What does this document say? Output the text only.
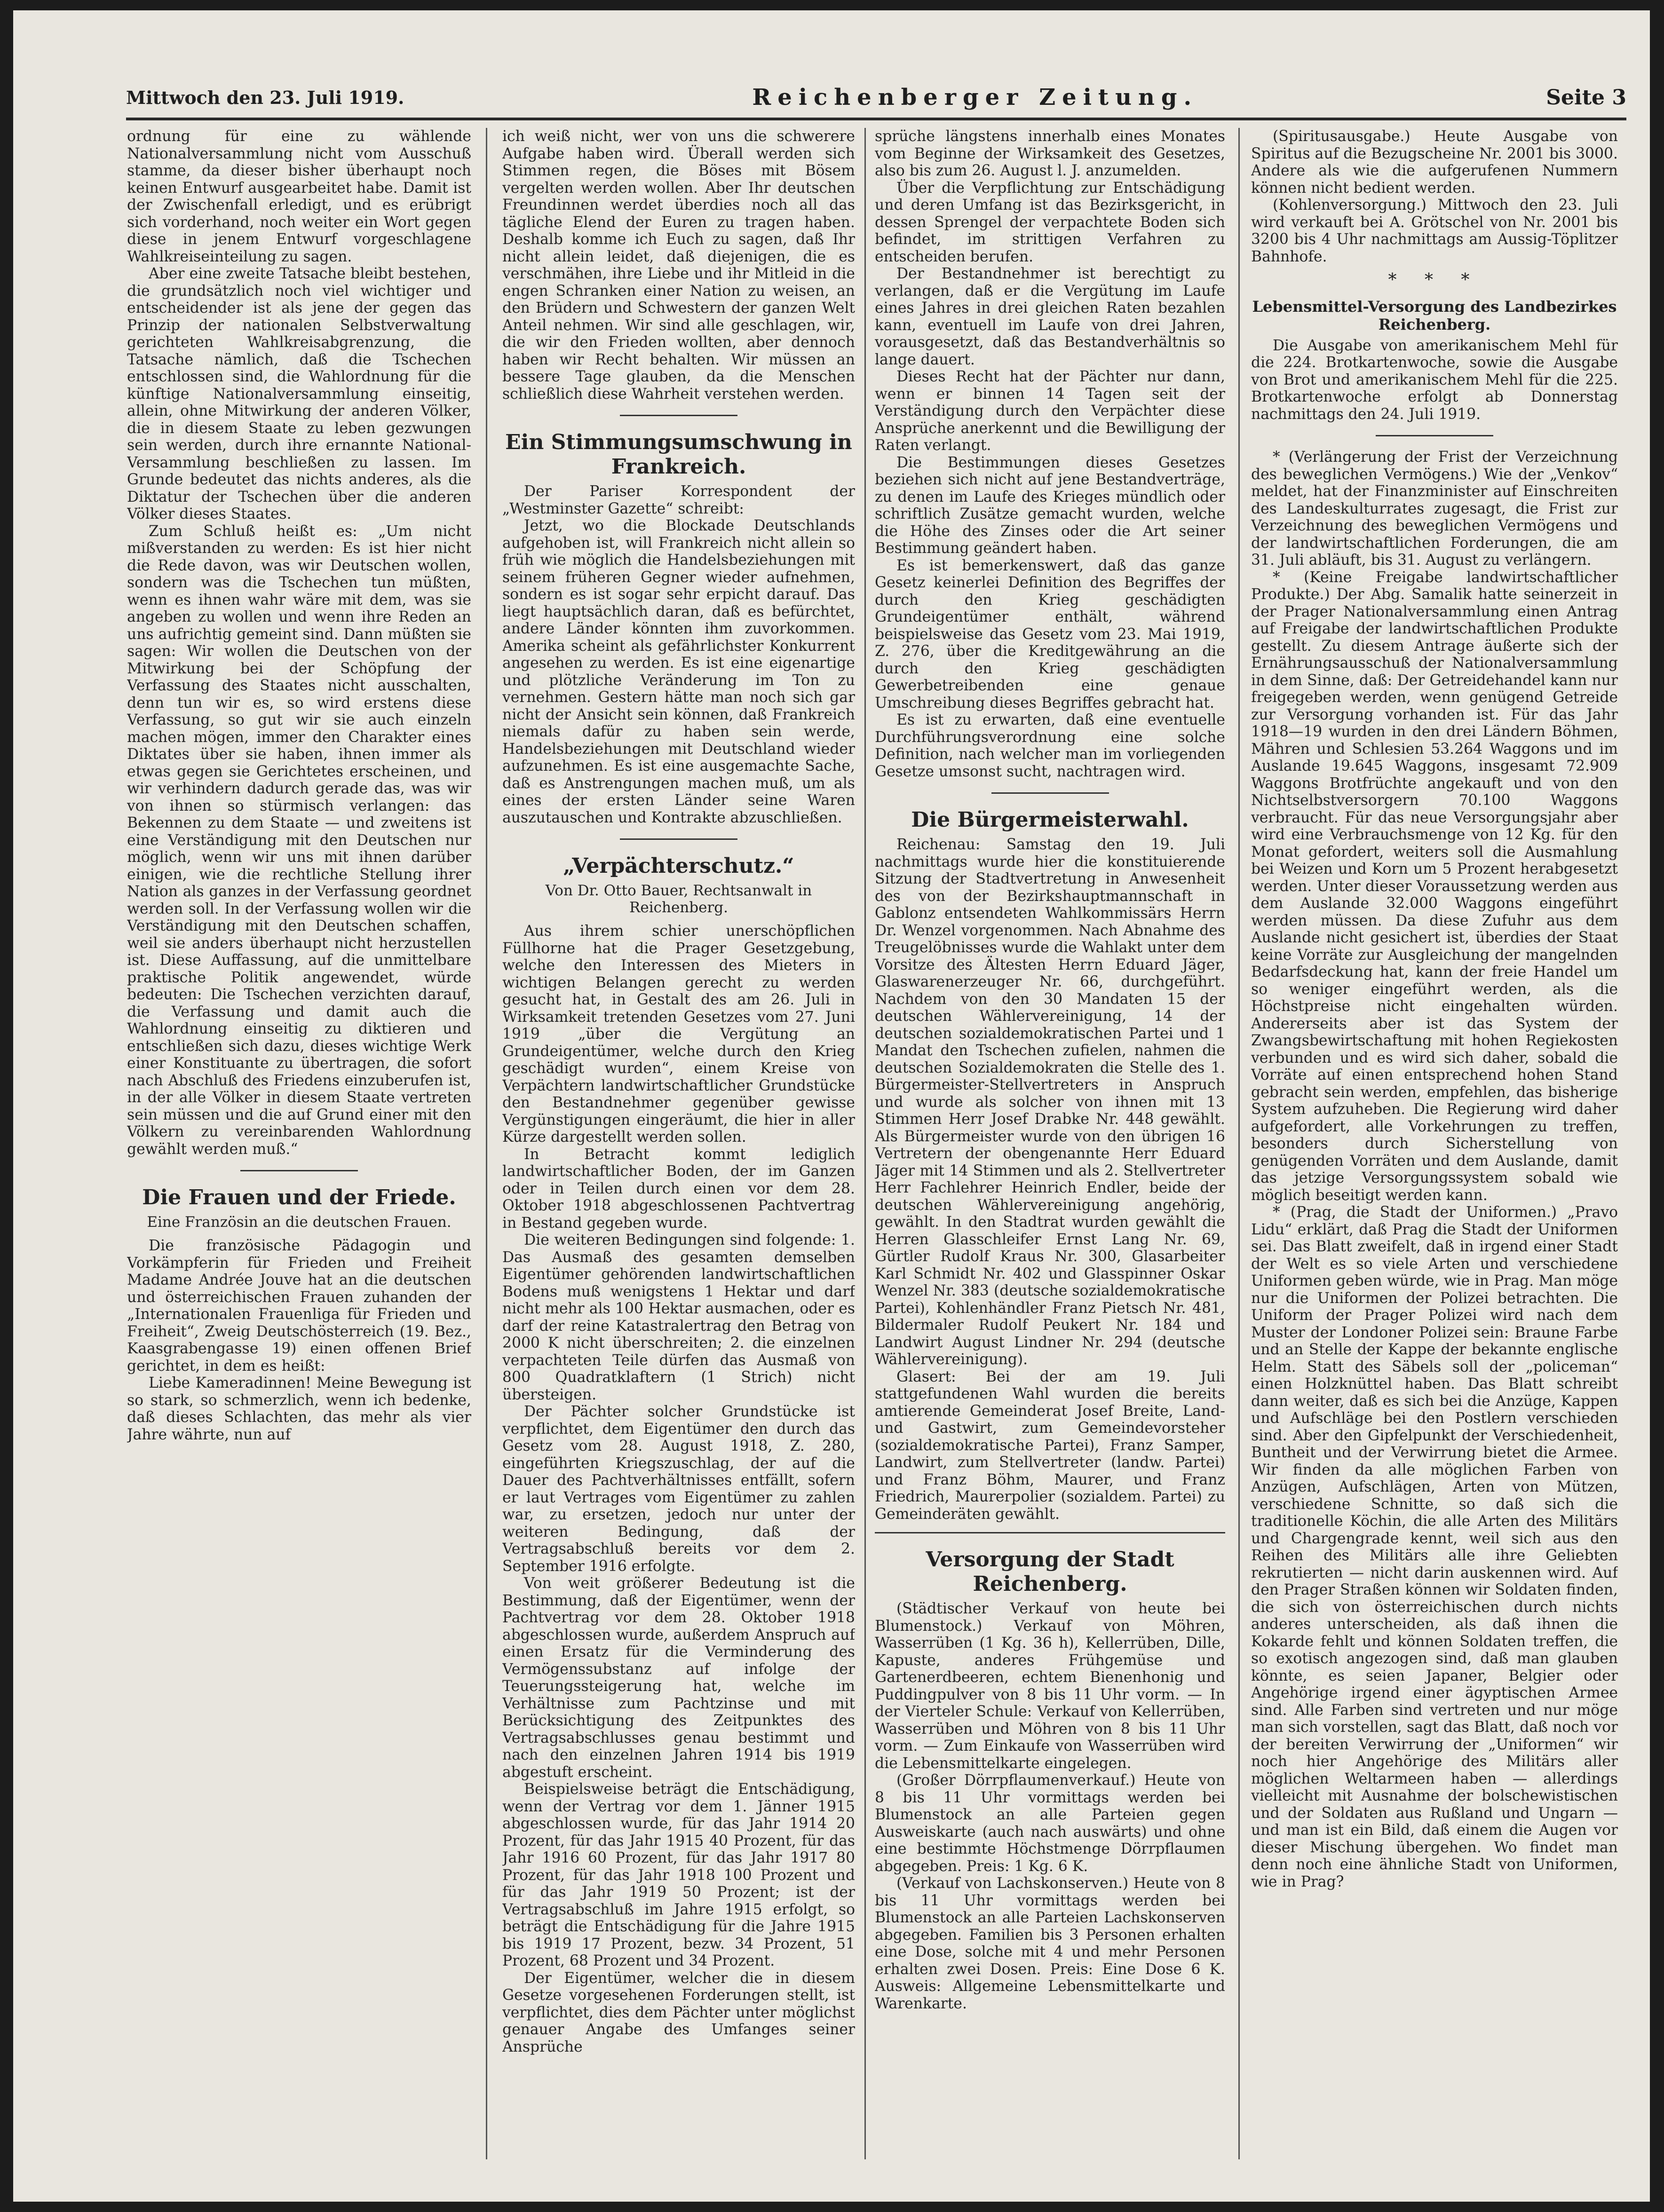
Mittwoch den 23. Juli 1919.	Reichenberger Zeitung.	Seite 3

ordnung für eine zu wählende Nationalversammlung nicht vom Ausschuß stamme, da dieser bisher überhaupt noch keinen Entwurf ausgearbeitet habe. Damit ist der Zwischenfall erledigt, und es erübrigt sich vorderhand, noch weiter ein Wort gegen diese in jenem Entwurf vorgeschlagene Wahlkreiseinteilung zu sagen.

Aber eine zweite Tatsache bleibt bestehen, die grundsätzlich noch viel wichtiger und entscheidender ist als jene der gegen das Prinzip der nationalen Selbstverwaltung gerichteten Wahlkreisabgrenzung, die Tatsache nämlich, daß die Tschechen entschlossen sind, die Wahlordnung für die künftige Nationalversammlung einseitig, allein, ohne Mitwirkung der anderen Völker, die in diesem Staate zu leben gezwungen sein werden, durch ihre ernannte National-Versammlung beschließen zu lassen. Im Grunde bedeutet das nichts anderes, als die Diktatur der Tschechen über die anderen Völker dieses Staates.

Zum Schluß heißt es: „Um nicht mißverstanden zu werden: Es ist hier nicht die Rede davon, was wir Deutschen wollen, sondern was die Tschechen tun müßten, wenn es ihnen wahr wäre mit dem, was sie angeben zu wollen und wenn ihre Reden an uns aufrichtig gemeint sind. Dann müßten sie sagen: Wir wollen die Deutschen von der Mitwirkung bei der Schöpfung der Verfassung des Staates nicht ausschalten, denn tun wir es, so wird erstens diese Verfassung, so gut wir sie auch einzeln machen mögen, immer den Charakter eines Diktates über sie haben, ihnen immer als etwas gegen sie Gerichtetes erscheinen, und wir verhindern dadurch gerade das, was wir von ihnen so stürmisch verlangen: das Bekennen zu dem Staate — und zweitens ist eine Verständigung mit den Deutschen nur möglich, wenn wir uns mit ihnen darüber einigen, wie die rechtliche Stellung ihrer Nation als ganzes in der Verfassung geordnet werden soll. In der Verfassung wollen wir die Verständigung mit den Deutschen schaffen, weil sie anders überhaupt nicht herzustellen ist. Diese Auffassung, auf die unmittelbare praktische Politik angewendet, würde bedeuten: Die Tschechen verzichten darauf, die Verfassung und damit auch die Wahlordnung einseitig zu diktieren und entschließen sich dazu, dieses wichtige Werk einer Konstituante zu übertragen, die sofort nach Abschluß des Friedens einzuberufen ist, in der alle Völker in diesem Staate vertreten sein müssen und die auf Grund einer mit den Völkern zu vereinbarenden Wahlordnung gewählt werden muß.“

Die Frauen und der Friede.
Eine Französin an die deutschen Frauen.

Die französische Pädagogin und Vorkämpferin für Frieden und Freiheit Madame Andrée Jouve hat an die deutschen und österreichischen Frauen zuhanden der „Internationalen Frauenliga für Frieden und Freiheit“, Zweig Deutschösterreich (19. Bez., Kaasgrabengasse 19) einen offenen Brief gerichtet, in dem es heißt:

Liebe Kameradinnen! Meine Bewegung ist so stark, so schmerzlich, wenn ich bedenke, daß dieses Schlachten, das mehr als vier Jahre währte, nun auf

ich weiß nicht, wer von uns die schwerere Aufgabe haben wird. Überall werden sich Stimmen regen, die Böses mit Bösem vergelten werden wollen. Aber Ihr deutschen Freundinnen werdet überdies noch all das tägliche Elend der Euren zu tragen haben. Deshalb komme ich Euch zu sagen, daß Ihr nicht allein leidet, daß diejenigen, die es verschmähen, ihre Liebe und ihr Mitleid in die engen Schranken einer Nation zu weisen, an den Brüdern und Schwestern der ganzen Welt Anteil nehmen. Wir sind alle geschlagen, wir, die wir den Frieden wollten, aber dennoch haben wir Recht behalten. Wir müssen an bessere Tage glauben, da die Menschen schließlich diese Wahrheit verstehen werden.

Ein Stimmungsumschwung in Frankreich.

Der Pariser Korrespondent der „Westminster Gazette“ schreibt:

Jetzt, wo die Blockade Deutschlands aufgehoben ist, will Frankreich nicht allein so früh wie möglich die Handelsbeziehungen mit seinem früheren Gegner wieder aufnehmen, sondern es ist sogar sehr erpicht darauf. Das liegt hauptsächlich daran, daß es befürchtet, andere Länder könnten ihm zuvorkommen. Amerika scheint als gefährlichster Konkurrent angesehen zu werden. Es ist eine eigenartige und plötzliche Veränderung im Ton zu vernehmen. Gestern hätte man noch sich gar nicht der Ansicht sein können, daß Frankreich niemals dafür zu haben sein werde, Handelsbeziehungen mit Deutschland wieder aufzunehmen. Es ist eine ausgemachte Sache, daß es Anstrengungen machen muß, um als eines der ersten Länder seine Waren auszutauschen und Kontrakte abzuschließen.

„Verpächterschutz.“
Von Dr. Otto Bauer, Rechtsanwalt in Reichenberg.

Aus ihrem schier unerschöpflichen Füllhorne hat die Prager Gesetzgebung, welche den Interessen des Mieters in wichtigen Belangen gerecht zu werden gesucht hat, in Gestalt des am 26. Juli in Wirksamkeit tretenden Gesetzes vom 27. Juni 1919 „über die Vergütung an Grundeigentümer, welche durch den Krieg geschädigt wurden“, einem Kreise von Verpächtern landwirtschaftlicher Grundstücke den Bestandnehmer gegenüber gewisse Vergünstigungen eingeräumt, die hier in aller Kürze dargestellt werden sollen.

In Betracht kommt lediglich landwirtschaftlicher Boden, der im Ganzen oder in Teilen durch einen vor dem 28. Oktober 1918 abgeschlossenen Pachtvertrag in Bestand gegeben wurde.

Die weiteren Bedingungen sind folgende: 1. Das Ausmaß des gesamten demselben Eigentümer gehörenden landwirtschaftlichen Bodens muß wenigstens 1 Hektar und darf nicht mehr als 100 Hektar ausmachen, oder es darf der reine Katastralertrag den Betrag von 2000 K nicht überschreiten; 2. die einzelnen verpachteten Teile dürfen das Ausmaß von 800 Quadratklaftern (1 Strich) nicht übersteigen.

Der Pächter solcher Grundstücke ist verpflichtet, dem Eigentümer den durch das Gesetz vom 28. August 1918, Z. 280, eingeführten Kriegszuschlag, der auf die Dauer des Pachtverhältnisses entfällt, sofern er laut Vertrages vom Eigentümer zu zahlen war, zu ersetzen, jedoch nur unter der weiteren Bedingung, daß der Vertragsabschluß bereits vor dem 2. September 1916 erfolgte.

Von weit größerer Bedeutung ist die Bestimmung, daß der Eigentümer, wenn der Pachtvertrag vor dem 28. Oktober 1918 abgeschlossen wurde, außerdem Anspruch auf einen Ersatz für die Verminderung des Vermögenssubstanz auf infolge der Teuerungssteigerung hat, welche im Verhältnisse zum Pachtzinse und mit Berücksichtigung des Zeitpunktes des Vertragsabschlusses genau bestimmt und nach den einzelnen Jahren 1914 bis 1919 abgestuft erscheint.

Beispielsweise beträgt die Entschädigung, wenn der Vertrag vor dem 1. Jänner 1915 abgeschlossen wurde, für das Jahr 1914 20 Prozent, für das Jahr 1915 40 Prozent, für das Jahr 1916 60 Prozent, für das Jahr 1917 80 Prozent, für das Jahr 1918 100 Prozent und für das Jahr 1919 50 Prozent; ist der Vertragsabschluß im Jahre 1915 erfolgt, so beträgt die Entschädigung für die Jahre 1915 bis 1919 17 Prozent, bezw. 34 Prozent, 51 Prozent, 68 Prozent und 34 Prozent.

Der Eigentümer, welcher die in diesem Gesetze vorgesehenen Forderungen stellt, ist verpflichtet, dies dem Pächter unter möglichst genauer Angabe des Umfanges seiner Ansprüche

sprüche längstens innerhalb eines Monates vom Beginne der Wirksamkeit des Gesetzes, also bis zum 26. August l. J. anzumelden.

Über die Verpflichtung zur Entschädigung und deren Umfang ist das Bezirksgericht, in dessen Sprengel der verpachtete Boden sich befindet, im strittigen Verfahren zu entscheiden berufen.

Der Bestandnehmer ist berechtigt zu verlangen, daß er die Vergütung im Laufe eines Jahres in drei gleichen Raten bezahlen kann, eventuell im Laufe von drei Jahren, vorausgesetzt, daß das Bestandverhältnis so lange dauert.

Dieses Recht hat der Pächter nur dann, wenn er binnen 14 Tagen seit der Verständigung durch den Verpächter diese Ansprüche anerkennt und die Bewilligung der Raten verlangt.

Die Bestimmungen dieses Gesetzes beziehen sich nicht auf jene Bestandverträge, zu denen im Laufe des Krieges mündlich oder schriftlich Zusätze gemacht wurden, welche die Höhe des Zinses oder die Art seiner Bestimmung geändert haben.

Es ist bemerkenswert, daß das ganze Gesetz keinerlei Definition des Begriffes der durch den Krieg geschädigten Grundeigentümer enthält, während beispielsweise das Gesetz vom 23. Mai 1919, Z. 276, über die Kreditgewährung an die durch den Krieg geschädigten Gewerbetreibenden eine genaue Umschreibung dieses Begriffes gebracht hat.

Es ist zu erwarten, daß eine eventuelle Durchführungsverordnung eine solche Definition, nach welcher man im vorliegenden Gesetze umsonst sucht, nachtragen wird.

Die Bürgermeisterwahl.

Reichenau: Samstag den 19. Juli nachmittags wurde hier die konstituierende Sitzung der Stadtvertretung in Anwesenheit des von der Bezirkshauptmannschaft in Gablonz entsendeten Wahlkommissärs Herrn Dr. Wenzel vorgenommen. Nach Abnahme des Treugelöbnisses wurde die Wahlakt unter dem Vorsitze des Ältesten Herrn Eduard Jäger, Glaswarenerzeuger Nr. 66, durchgeführt. Nachdem von den 30 Mandaten 15 der deutschen Wählervereinigung, 14 der deutschen sozialdemokratischen Partei und 1 Mandat den Tschechen zufielen, nahmen die deutschen Sozialdemokraten die Stelle des 1. Bürgermeister-Stellvertreters in Anspruch und wurde als solcher von ihnen mit 13 Stimmen Herr Josef Drabke Nr. 448 gewählt. Als Bürgermeister wurde von den übrigen 16 Vertretern der obengenannte Herr Eduard Jäger mit 14 Stimmen und als 2. Stellvertreter Herr Fachlehrer Heinrich Endler, beide der deutschen Wählervereinigung angehörig, gewählt. In den Stadtrat wurden gewählt die Herren Glasschleifer Ernst Lang Nr. 69, Gürtler Rudolf Kraus Nr. 300, Glasarbeiter Karl Schmidt Nr. 402 und Glasspinner Oskar Wenzel Nr. 383 (deutsche sozialdemokratische Partei), Kohlenhändler Franz Pietsch Nr. 481, Bildermaler Rudolf Peukert Nr. 184 und Landwirt August Lindner Nr. 294 (deutsche Wählervereinigung).

Glasert: Bei der am 19. Juli stattgefundenen Wahl wurden die bereits amtierende Gemeinderat Josef Breite, Land- und Gastwirt, zum Gemeindevorsteher (sozialdemokratische Partei), Franz Samper, Landwirt, zum Stellvertreter (landw. Partei) und Franz Böhm, Maurer, und Franz Friedrich, Maurerpolier (sozialdem. Partei) zu Gemeinderäten gewählt.

Versorgung der Stadt Reichenberg.

(Städtischer Verkauf von heute bei Blumenstock.) Verkauf von Möhren, Wasserrüben (1 Kg. 36 h), Kellerrüben, Dille, Kapuste, anderes Frühgemüse und Gartenerdbeeren, echtem Bienenhonig und Puddingpulver von 8 bis 11 Uhr vorm. — In der Vierteler Schule: Verkauf von Kellerrüben, Wasserrüben und Möhren von 8 bis 11 Uhr vorm. — Zum Einkaufe von Wasserrüben wird die Lebensmittelkarte eingelegen.

(Großer Dörrpflaumenverkauf.) Heute von 8 bis 11 Uhr vormittags werden bei Blumenstock an alle Parteien gegen Ausweiskarte (auch nach auswärts) und ohne eine bestimmte Höchstmenge Dörrpflaumen abgegeben. Preis: 1 Kg. 6 K.

(Verkauf von Lachskonserven.) Heute von 8 bis 11 Uhr vormittags werden bei Blumenstock an alle Parteien Lachskonserven abgegeben. Familien bis 3 Personen erhalten eine Dose, solche mit 4 und mehr Personen erhalten zwei Dosen. Preis: Eine Dose 6 K. Ausweis: Allgemeine Lebensmittelkarte und Warenkarte.

(Spiritusausgabe.) Heute Ausgabe von Spiritus auf die Bezugscheine Nr. 2001 bis 3000. Andere als wie die aufgerufenen Nummern können nicht bedient werden.

(Kohlenversorgung.) Mittwoch den 23. Juli wird verkauft bei A. Grötschel von Nr. 2001 bis 3200 bis 4 Uhr nachmittags am Aussig-Töplitzer Bahnhofe.

* * *
Lebensmittel-Versorgung des Landbezirkes Reichenberg.

Die Ausgabe von amerikanischem Mehl für die 224. Brotkartenwoche, sowie die Ausgabe von Brot und amerikanischem Mehl für die 225. Brotkartenwoche erfolgt ab Donnerstag nachmittags den 24. Juli 1919.

* (Verlängerung der Frist der Verzeichnung des beweglichen Vermögens.) Wie der „Venkov“ meldet, hat der Finanzminister auf Einschreiten des Landeskulturrates zugesagt, die Frist zur Verzeichnung des beweglichen Vermögens und der landwirtschaftlichen Forderungen, die am 31. Juli abläuft, bis 31. August zu verlängern.

* (Keine Freigabe landwirtschaftlicher Produkte.) Der Abg. Samalik hatte seinerzeit in der Prager Nationalversammlung einen Antrag auf Freigabe der landwirtschaftlichen Produkte gestellt. Zu diesem Antrage äußerte sich der Ernährungsausschuß der Nationalversammlung in dem Sinne, daß: Der Getreidehandel kann nur freigegeben werden, wenn genügend Getreide zur Versorgung vorhanden ist. Für das Jahr 1918—19 wurden in den drei Ländern Böhmen, Mähren und Schlesien 53.264 Waggons und im Auslande 19.645 Waggons, insgesamt 72.909 Waggons Brotfrüchte angekauft und von den Nichtselbstversorgern 70.100 Waggons verbraucht. Für das neue Versorgungsjahr aber wird eine Verbrauchsmenge von 12 Kg. für den Monat gefordert, weiters soll die Ausmahlung bei Weizen und Korn um 5 Prozent herabgesetzt werden. Unter dieser Voraussetzung werden aus dem Auslande 32.000 Waggons eingeführt werden müssen. Da diese Zufuhr aus dem Auslande nicht gesichert ist, überdies der Staat keine Vorräte zur Ausgleichung der mangelnden Bedarfsdeckung hat, kann der freie Handel um so weniger eingeführt werden, als die Höchstpreise nicht eingehalten würden. Andererseits aber ist das System der Zwangsbewirtschaftung mit hohen Regiekosten verbunden und es wird sich daher, sobald die Vorräte auf einen entsprechend hohen Stand gebracht sein werden, empfehlen, das bisherige System aufzuheben. Die Regierung wird daher aufgefordert, alle Vorkehrungen zu treffen, besonders durch Sicherstellung von genügenden Vorräten und dem Auslande, damit das jetzige Versorgungssystem sobald wie möglich beseitigt werden kann.

* (Prag, die Stadt der Uniformen.) „Pravo Lidu“ erklärt, daß Prag die Stadt der Uniformen sei. Das Blatt zweifelt, daß in irgend einer Stadt der Welt es so viele Arten und verschiedene Uniformen geben würde, wie in Prag. Man möge nur die Uniformen der Polizei betrachten. Die Uniform der Prager Polizei wird nach dem Muster der Londoner Polizei sein: Braune Farbe und an Stelle der Kappe der bekannte englische Helm. Statt des Säbels soll der „policeman“ einen Holzknüttel haben. Das Blatt schreibt dann weiter, daß es sich bei die Anzüge, Kappen und Aufschläge bei den Postlern verschieden sind. Aber den Gipfelpunkt der Verschiedenheit, Buntheit und der Verwirrung bietet die Armee. Wir finden da alle möglichen Farben von Anzügen, Aufschlägen, Arten von Mützen, verschiedene Schnitte, so daß sich die traditionelle Köchin, die alle Arten des Militärs und Chargengrade kennt, weil sich aus den Reihen des Militärs alle ihre Geliebten rekrutierten — nicht darin auskennen wird. Auf den Prager Straßen können wir Soldaten finden, die sich von österreichischen durch nichts anderes unterscheiden, als daß ihnen die Kokarde fehlt und können Soldaten treffen, die so exotisch angezogen sind, daß man glauben könnte, es seien Japaner, Belgier oder Angehörige irgend einer ägyptischen Armee sind. Alle Farben sind vertreten und nur möge man sich vorstellen, sagt das Blatt, daß noch vor der bereiten Verwirrung der „Uniformen“ wir noch hier Angehörige des Militärs aller möglichen Weltarmeen haben — allerdings vielleicht mit Ausnahme der bolschewistischen und der Soldaten aus Rußland und Ungarn — und man ist ein Bild, daß einem die Augen vor dieser Mischung übergehen. Wo findet man denn noch eine ähnliche Stadt von Uniformen, wie in Prag?
